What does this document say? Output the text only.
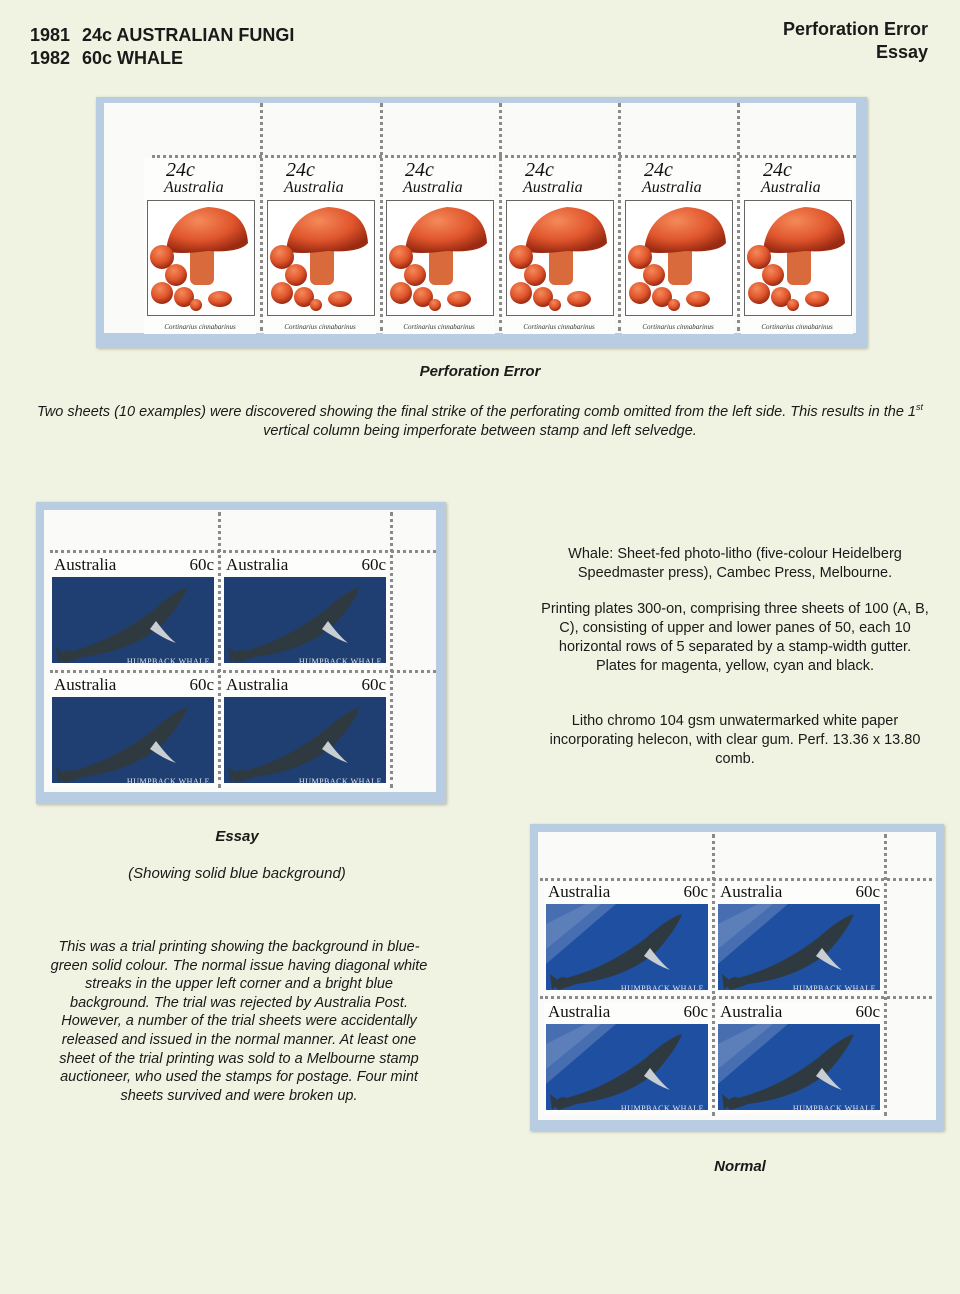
1981 24c AUSTRALIAN FUNGI
1982 60c WHALE
Perforation Error
Essay
24c
Australia
Cortinarius cinnabarinus
24c
Australia
Cortinarius cinnabarinus
24c
Australia
Cortinarius cinnabarinus
24c
Australia
Cortinarius cinnabarinus
24c
Australia
Cortinarius cinnabarinus
24c
Australia
Cortinarius cinnabarinus
Perforation Error
Two sheets (10 examples) were discovered showing the final strike of the perforating comb omitted from the left side. This results in the 1st vertical column being imperforate between stamp and left selvedge.
Australia	60c
HUMPBACK WHALE
Australia	60c
HUMPBACK WHALE
Australia	60c
HUMPBACK WHALE
Australia	60c
HUMPBACK WHALE
Essay
(Showing solid blue background)
This was a trial printing showing the background in blue-green solid colour. The normal issue having diagonal white streaks in the upper left corner and a bright blue background. The trial was rejected by Australia Post. However, a number of the trial sheets were accidentally released and issued in the normal manner. At least one sheet of the trial printing was sold to a Melbourne stamp auctioneer, who used the stamps for postage. Four mint sheets survived and were broken up.
Whale: Sheet-fed photo-litho (five-colour Heidelberg Speedmaster press), Cambec Press, Melbourne.
Printing plates 300-on, comprising three sheets of 100 (A, B, C), consisting of upper and lower panes of 50, each 10 horizontal rows of 5 separated by a stamp-width gutter. Plates for magenta, yellow, cyan and black.
Litho chromo 104 gsm unwatermarked white paper incorporating helecon, with clear gum. Perf. 13.36 x 13.80 comb.
Australia	60c
HUMPBACK WHALE
Australia	60c
HUMPBACK WHALE
Australia	60c
HUMPBACK WHALE
Australia	60c
HUMPBACK WHALE
Normal
